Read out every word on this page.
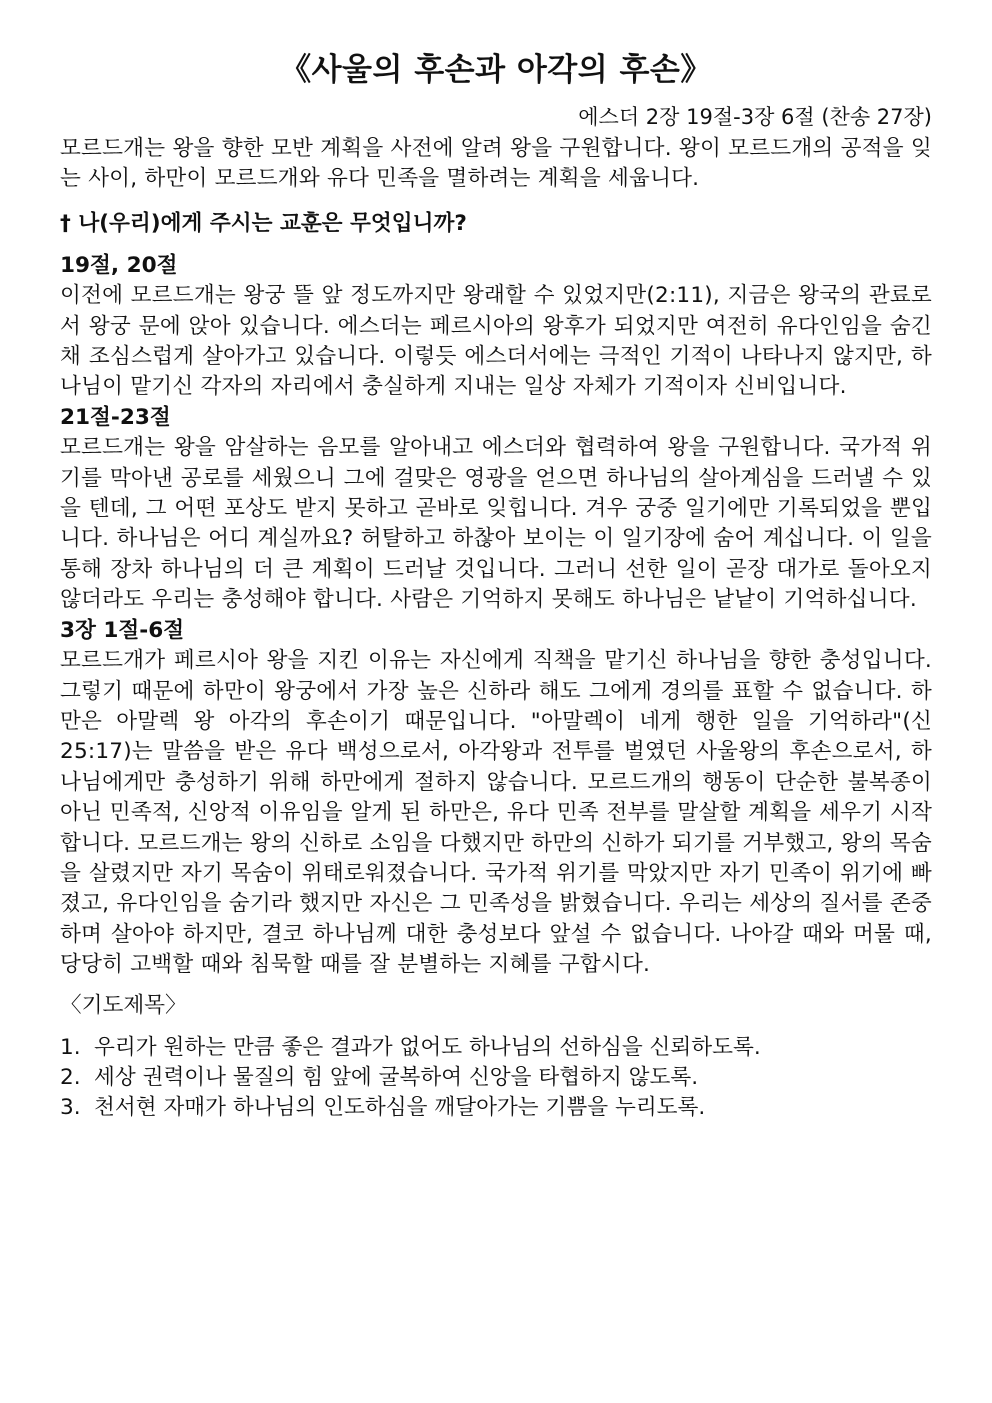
《사울의 후손과 아각의 후손》
에스더 2장 19절-3장 6절 (찬송 27장)

모르드개는 왕을 향한 모반 계획을 사전에 알려 왕을 구원합니다. 왕이 모르드개의 공적을 잊는 사이, 하만이 모르드개와 유다 민족을 멸하려는 계획을 세웁니다.

† 나(우리)에게 주시는 교훈은 무엇입니까?
19절, 20절

이전에 모르드개는 왕궁 뜰 앞 정도까지만 왕래할 수 있었지만(2:11), 지금은 왕국의 관료로서 왕궁 문에 앉아 있습니다. 에스더는 페르시아의 왕후가 되었지만 여전히 유다인임을 숨긴 채 조심스럽게 살아가고 있습니다. 이렇듯 에스더서에는 극적인 기적이 나타나지 않지만, 하나님이 맡기신 각자의 자리에서 충실하게 지내는 일상 자체가 기적이자 신비입니다.

21절-23절

모르드개는 왕을 암살하는 음모를 알아내고 에스더와 협력하여 왕을 구원합니다. 국가적 위기를 막아낸 공로를 세웠으니 그에 걸맞은 영광을 얻으면 하나님의 살아계심을 드러낼 수 있을 텐데, 그 어떤 포상도 받지 못하고 곧바로 잊힙니다. 겨우 궁중 일기에만 기록되었을 뿐입니다. 하나님은 어디 계실까요? 허탈하고 하찮아 보이는 이 일기장에 숨어 계십니다. 이 일을 통해 장차 하나님의 더 큰 계획이 드러날 것입니다. 그러니 선한 일이 곧장 대가로 돌아오지 않더라도 우리는 충성해야 합니다. 사람은 기억하지 못해도 하나님은 낱낱이 기억하십니다.

3장 1절-6절

모르드개가 페르시아 왕을 지킨 이유는 자신에게 직책을 맡기신 하나님을 향한 충성입니다. 그렇기 때문에 하만이 왕궁에서 가장 높은 신하라 해도 그에게 경의를 표할 수 없습니다. 하만은 아말렉 왕 아각의 후손이기 때문입니다. "아말렉이 네게 행한 일을 기억하라"(신25:17)는 말씀을 받은 유다 백성으로서, 아각왕과 전투를 벌였던 사울왕의 후손으로서, 하나님에게만 충성하기 위해 하만에게 절하지 않습니다. 모르드개의 행동이 단순한 불복종이 아닌 민족적, 신앙적 이유임을 알게 된 하만은, 유다 민족 전부를 말살할 계획을 세우기 시작합니다. 모르드개는 왕의 신하로 소임을 다했지만 하만의 신하가 되기를 거부했고, 왕의 목숨을 살렸지만 자기 목숨이 위태로워졌습니다. 국가적 위기를 막았지만 자기 민족이 위기에 빠졌고, 유다인임을 숨기라 했지만 자신은 그 민족성을 밝혔습니다. 우리는 세상의 질서를 존중하며 살아야 하지만, 결코 하나님께 대한 충성보다 앞설 수 없습니다. 나아갈 때와 머물 때, 당당히 고백할 때와 침묵할 때를 잘 분별하는 지혜를 구합시다.

〈기도제목〉
1. 우리가 원하는 만큼 좋은 결과가 없어도 하나님의 선하심을 신뢰하도록.
2. 세상 권력이나 물질의 힘 앞에 굴복하여 신앙을 타협하지 않도록.
3. 천서현 자매가 하나님의 인도하심을 깨달아가는 기쁨을 누리도록.
